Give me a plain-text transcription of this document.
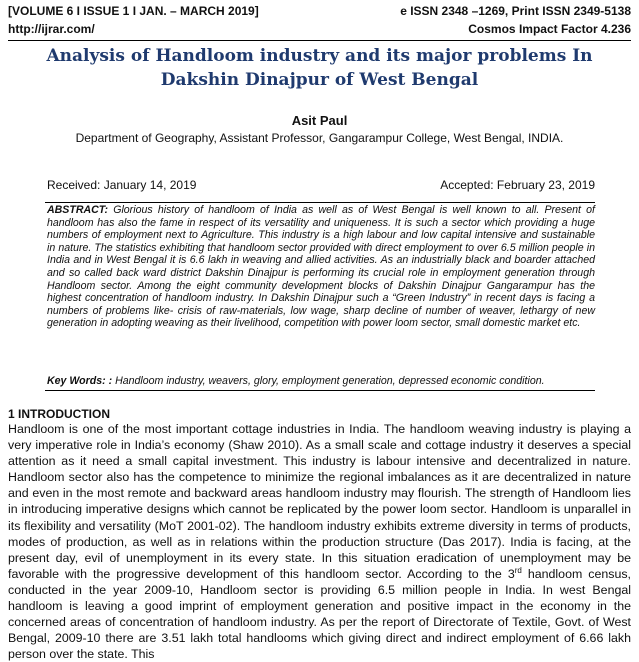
[VOLUME 6 I ISSUE 1 I JAN. – MARCH 2019]
http://ijrar.com/
e ISSN 2348 –1269, Print ISSN 2349-5138
Cosmos Impact Factor 4.236
Analysis of Handloom industry and its major problems In Dakshin Dinajpur of West Bengal
Asit Paul
Department of Geography, Assistant Professor, Gangarampur College, West Bengal, INDIA.
Received: January 14, 2019	Accepted: February 23, 2019
ABSTRACT: Glorious history of handloom of India as well as of West Bengal is well known to all. Present of handloom has also the fame in respect of its versatility and uniqueness. It is such a sector which providing a huge numbers of employment next to Agriculture. This industry is a high labour and low capital intensive and sustainable in nature. The statistics exhibiting that handloom sector provided with direct employment to over 6.5 million people in India and in West Bengal it is 6.6 lakh in weaving and allied activities. As an industrially black and boarder attached and so called back ward district Dakshin Dinajpur is performing its crucial role in employment generation through Handloom sector. Among the eight community development blocks of Dakshin Dinajpur Gangarampur has the highest concentration of handloom industry. In Dakshin Dinajpur such a “Green Industry” in recent days is facing a numbers of problems like- crisis of raw-materials, low wage, sharp decline of number of weaver, lethargy of new generation in adopting weaving as their livelihood, competition with power loom sector, small domestic market etc.
Key Words: : Handloom industry, weavers, glory, employment generation, depressed economic condition.
1 INTRODUCTION
Handloom is one of the most important cottage industries in India. The handloom weaving industry is playing a very imperative role in India’s economy (Shaw 2010). As a small scale and cottage industry it deserves a special attention as it need a small capital investment. This industry is labour intensive and decentralized in nature. Handloom sector also has the competence to minimize the regional imbalances as it are decentralized in nature and even in the most remote and backward areas handloom industry may flourish. The strength of Handloom lies in introducing imperative designs which cannot be replicated by the power loom sector. Handloom is unparallel in its flexibility and versatility (MoT 2001-02). The handloom industry exhibits extreme diversity in terms of products, modes of production, as well as in relations within the production structure (Das 2017). India is facing, at the present day, evil of unemployment in its every state. In this situation eradication of unemployment may be favorable with the progressive development of this handloom sector. According to the 3rd handloom census, conducted in the year 2009-10, Handloom sector is providing 6.5 million people in India. In west Bengal handloom is leaving a good imprint of employment generation and positive impact in the economy in the concerned areas of concentration of handloom industry. As per the report of Directorate of Textile, Govt. of West Bengal, 2009-10 there are 3.51 lakh total handlooms which giving direct and indirect employment of 6.66 lakh person over the state. This
